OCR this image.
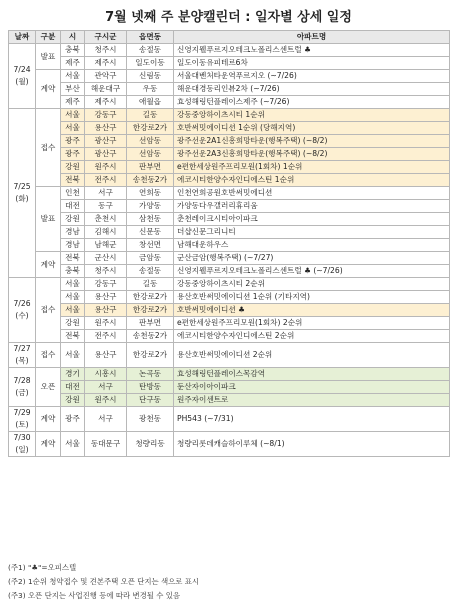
7월 넷째 주 분양캘린더 : 일자별 상세 일정
날짜	구분	시	구시군	읍면동	아파트명

7/24
(월)	발표	충북	청주시	송절동	신영지웰푸르지오테크노폴리스센트럴 ♣
		제주	제주시	일도이동	일도이동유피테르6차
	계약	서울	관악구	신림동	서울대벤처타운역푸르지오 (~7/26)
		부산	해운대구	우동	해운대경동리인뷰2차 (~7/26)
		제주	제주시	애월읍	효성해링턴플레이스제주 (~7/26)

7/25
(화)	접수	서울	강동구	길동	강동중앙하이츠시티 1순위
		서울	용산구	한강로2가	호반써밋에이디션 1순위 (당해지역)
		광주	광산구	선암동	광주선운2A1신흥희망타운(행복주택) (~8/2)
		광주	광산구	선암동	광주선운2A3신흥희망타운(행복주택) (~8/2)
		강원	원주시	판부면	e편한세상원주프리모원(1회차) 1순위
		전북	전주시	송천동2가	에코시티한양수자인디에스틴 1순위
	발표	인천	서구	연희동	인천연희공원호반써밋에디션
		대전	동구	가양동	가양동다우갤러리휴리움
		강원	춘천시	삼천동	춘천레이크시티아이파크
		경남	김해시	신문동	더샵신문그리니티
		경남	남해군	창선면	남해대운하우스
	계약	전북	군산시	금암동	군산금암(행복주택) (~7/27)
		충북	청주시	송절동	신영지웰푸르지오테크노폴리스센트럴 ♣ (~7/26)

7/26
(수)	접수	서울	강동구	길동	강동중앙하이츠시티 2순위
		서울	용산구	한강로2가	용산호반써밋에이디션 1순위 (기타지역)
		서울	용산구	한강로2가	호반써밋에이디션 ♣
		강원	원주시	판부면	e편한세상원주프리모원(1회차) 2순위
		전북	전주시	송천동2가	에코시티한양수자인디에스틴 2순위

7/27
(목)	접수	서울	용산구	한강로2가	용산호반써밋에이디션 2순위

7/28
(금)	오픈	경기	시흥시	논곡동	효성해링턴플레이스목감역
		대전	서구	탄방동	둔산자이아이파크
		강원	원주시	단구동	원주자이센트로

7/29
(토)	계약	광주	서구	광천동	PH543 (~7/31)

7/30
(일)	계약	서울	동대문구	청량리동	청량리롯데캐슬하이루체 (~8/1)
(주1) "♣"=오피스텔
(주2) 1순위 청약접수 및 견본주택 오픈 단지는 색으로 표시
(주3) 오픈 단지는 사업진행 등에 따라 변경될 수 있음
